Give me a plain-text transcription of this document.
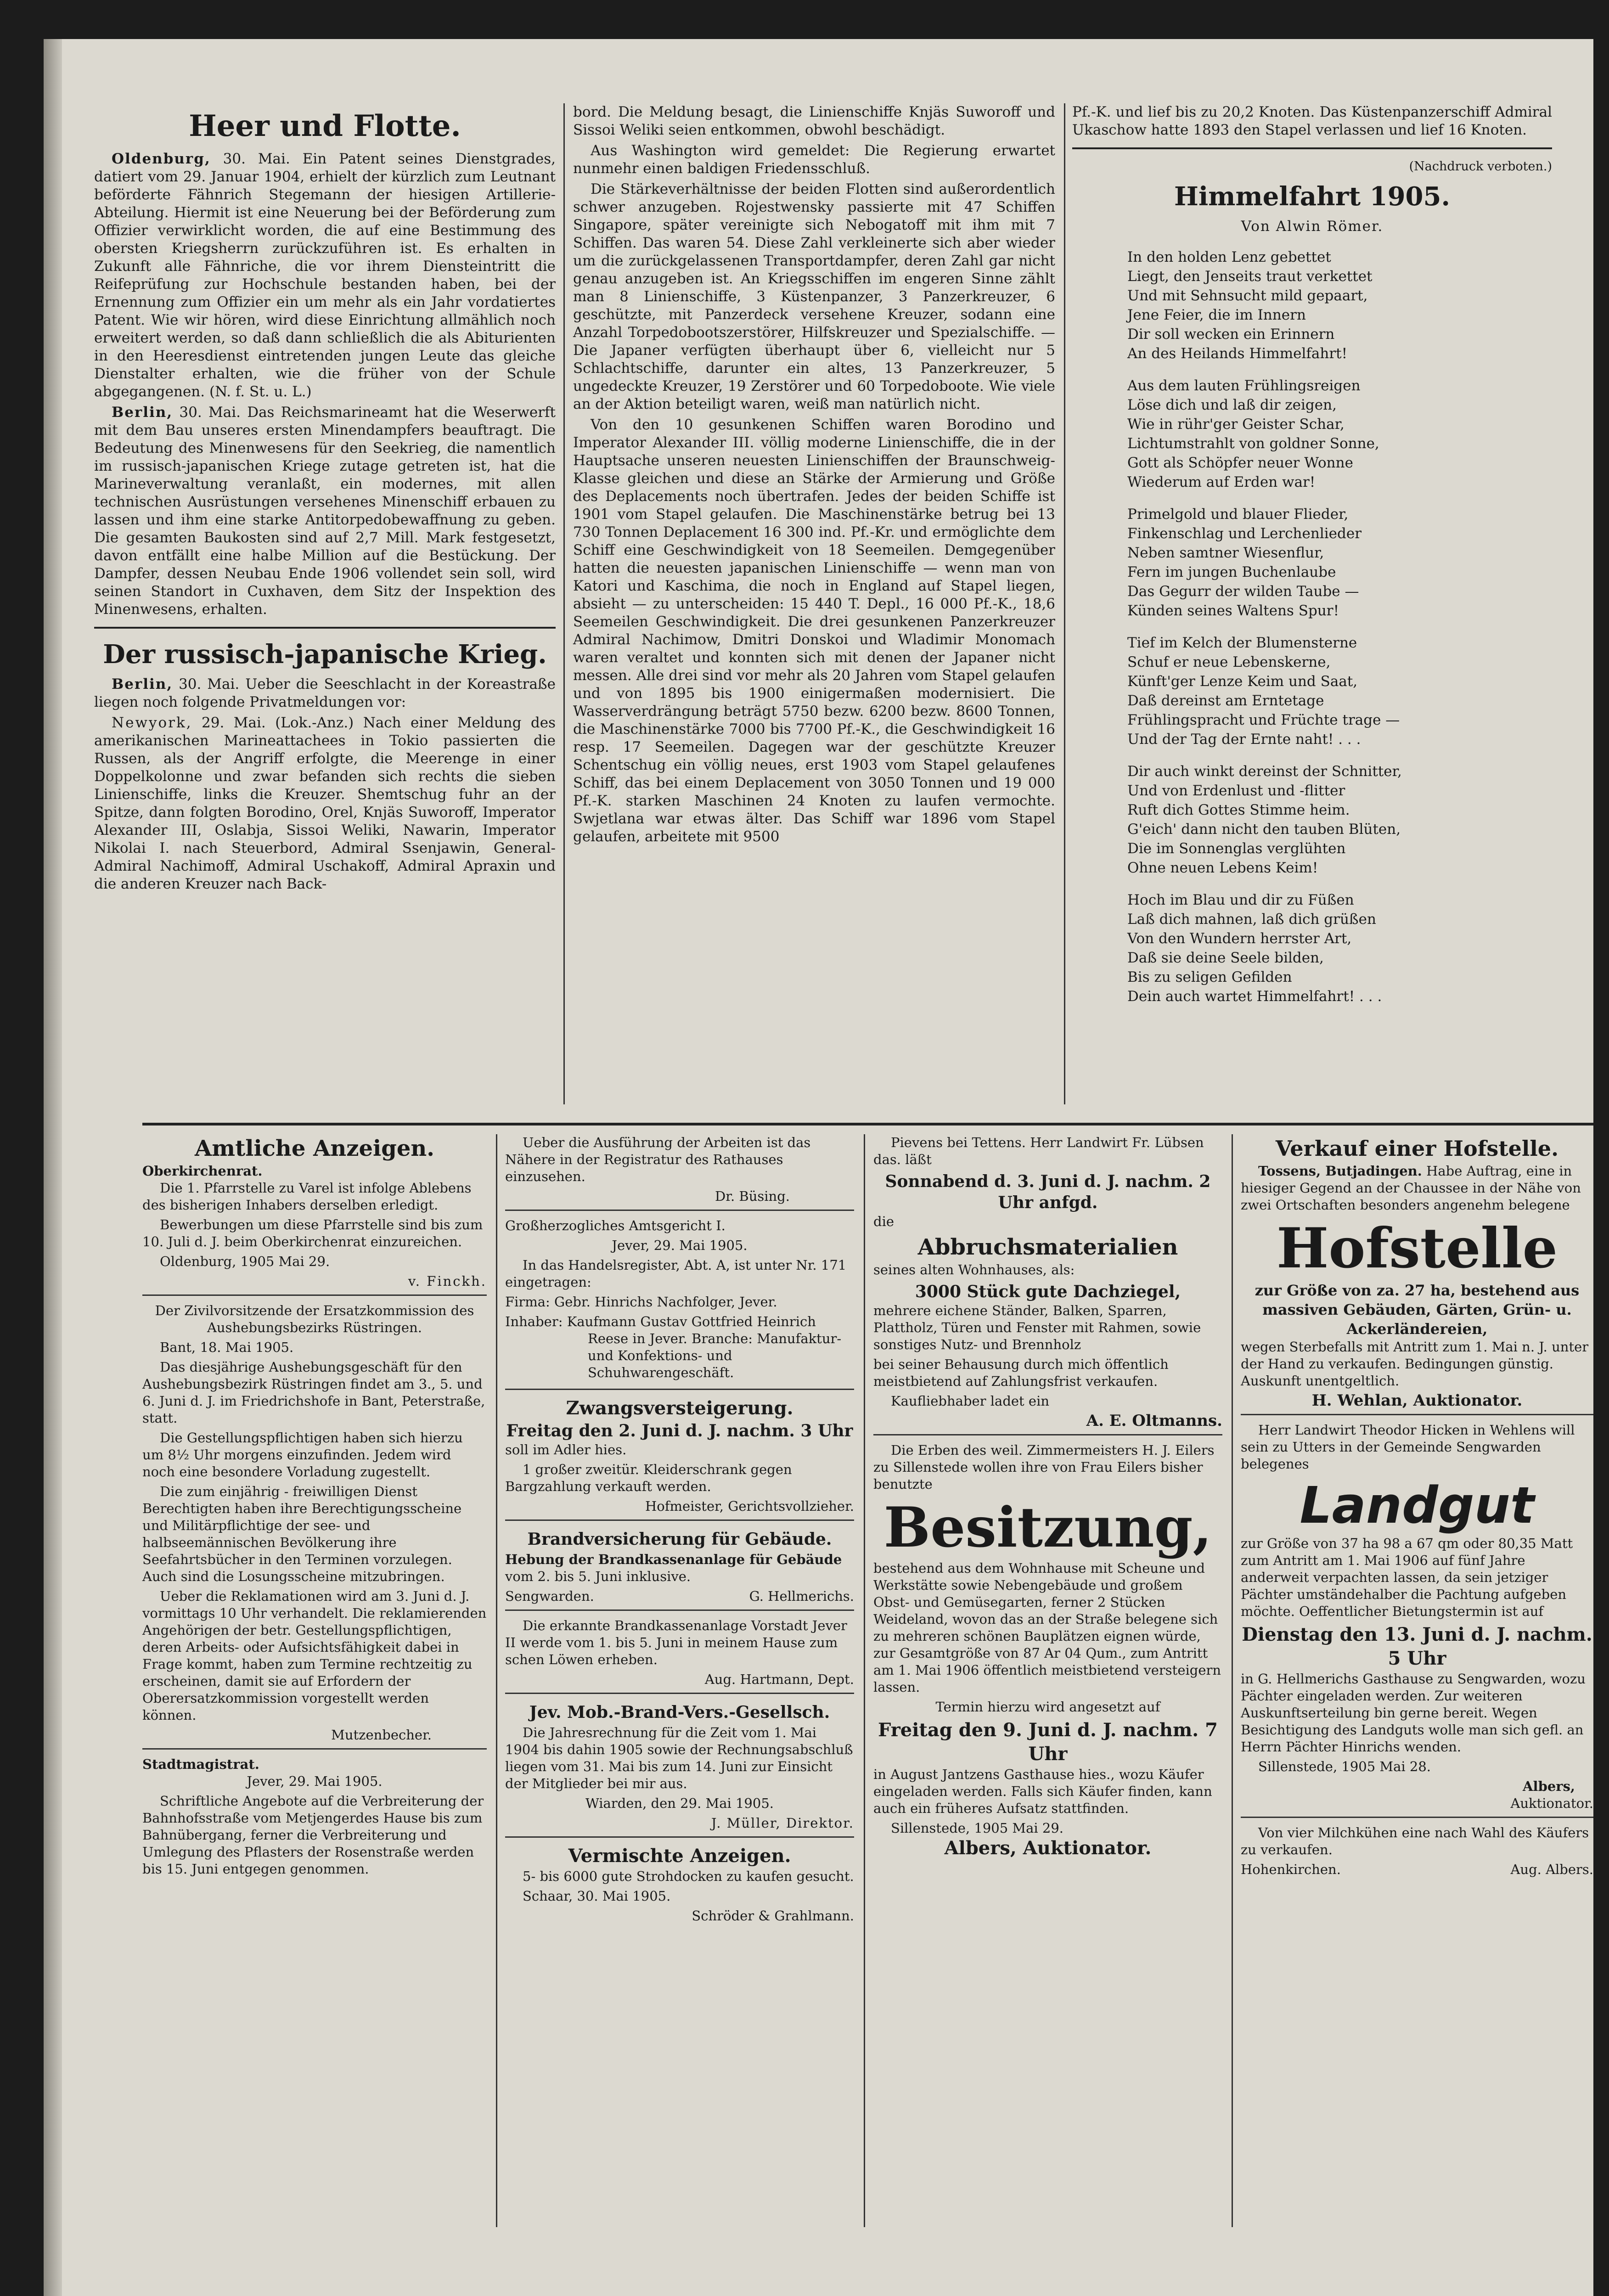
Heer und Flotte.

Oldenburg, 30. Mai. Ein Patent seines Dienstgrades, datiert vom 29. Januar 1904, erhielt der kürzlich zum Leutnant beförderte Fähnrich Stegemann der hiesigen Artillerie-Abteilung. Hiermit ist eine Neuerung bei der Beförderung zum Offizier verwirklicht worden, die auf eine Bestimmung des obersten Kriegsherrn zurückzuführen ist. Es erhalten in Zukunft alle Fähnriche, die vor ihrem Diensteintritt die Reifeprüfung zur Hochschule bestanden haben, bei der Ernennung zum Offizier ein um mehr als ein Jahr vordatiertes Patent. Wie wir hören, wird diese Einrichtung allmählich noch erweitert werden, so daß dann schließlich die als Abiturienten in den Heeresdienst eintretenden jungen Leute das gleiche Dienstalter erhalten, wie die früher von der Schule abgegangenen. (N. f. St. u. L.)

Berlin, 30. Mai. Das Reichsmarineamt hat die Weserwerft mit dem Bau unseres ersten Minendampfers beauftragt. Die Bedeutung des Minenwesens für den Seekrieg, die namentlich im russisch-japanischen Kriege zutage getreten ist, hat die Marineverwaltung veranlaßt, ein modernes, mit allen technischen Ausrüstungen versehenes Minenschiff erbauen zu lassen und ihm eine starke Antitorpedobewaffnung zu geben. Die gesamten Baukosten sind auf 2,7 Mill. Mark festgesetzt, davon entfällt eine halbe Million auf die Bestückung. Der Dampfer, dessen Neubau Ende 1906 vollendet sein soll, wird seinen Standort in Cuxhaven, dem Sitz der Inspektion des Minenwesens, erhalten.

Der russisch-japanische Krieg.

Berlin, 30. Mai. Ueber die Seeschlacht in der Koreastraße liegen noch folgende Privatmeldungen vor:

Newyork, 29. Mai. (Lok.-Anz.) Nach einer Meldung des amerikanischen Marineattachees in Tokio passierten die Russen, als der Angriff erfolgte, die Meerenge in einer Doppelkolonne und zwar befanden sich rechts die sieben Linienschiffe, links die Kreuzer. Shemtschug fuhr an der Spitze, dann folgten Borodino, Orel, Knjäs Suworoff, Imperator Alexander III, Oslabja, Sissoi Weliki, Nawarin, Imperator Nikolai I. nach Steuerbord, Admiral Ssenjawin, General-Admiral Nachimoff, Admiral Uschakoff, Admiral Apraxin und die anderen Kreuzer nach Back-

bord. Die Meldung besagt, die Linienschiffe Knjäs Suworoff und Sissoi Weliki seien entkommen, obwohl beschädigt.

Aus Washington wird gemeldet: Die Regierung erwartet nunmehr einen baldigen Friedensschluß.

Die Stärkeverhältnisse der beiden Flotten sind außerordentlich schwer anzugeben. Rojestwensky passierte mit 47 Schiffen Singapore, später vereinigte sich Nebogatoff mit ihm mit 7 Schiffen. Das waren 54. Diese Zahl verkleinerte sich aber wieder um die zurückgelassenen Transportdampfer, deren Zahl gar nicht genau anzugeben ist. An Kriegsschiffen im engeren Sinne zählt man 8 Linienschiffe, 3 Küstenpanzer, 3 Panzerkreuzer, 6 geschützte, mit Panzerdeck versehene Kreuzer, sodann eine Anzahl Torpedobootszerstörer, Hilfskreuzer und Spezialschiffe. — Die Japaner verfügten überhaupt über 6, vielleicht nur 5 Schlachtschiffe, darunter ein altes, 13 Panzerkreuzer, 5 ungedeckte Kreuzer, 19 Zerstörer und 60 Torpedoboote. Wie viele an der Aktion beteiligt waren, weiß man natürlich nicht.

Von den 10 gesunkenen Schiffen waren Borodino und Imperator Alexander III. völlig moderne Linienschiffe, die in der Hauptsache unseren neuesten Linienschiffen der Braunschweig-Klasse gleichen und diese an Stärke der Armierung und Größe des Deplacements noch übertrafen. Jedes der beiden Schiffe ist 1901 vom Stapel gelaufen. Die Maschinenstärke betrug bei 13 730 Tonnen Deplacement 16 300 ind. Pf.-Kr. und ermöglichte dem Schiff eine Geschwindigkeit von 18 Seemeilen. Demgegenüber hatten die neuesten japanischen Linienschiffe — wenn man von Katori und Kaschima, die noch in England auf Stapel liegen, absieht — zu unterscheiden: 15 440 T. Depl., 16 000 Pf.-K., 18,6 Seemeilen Geschwindigkeit. Die drei gesunkenen Panzerkreuzer Admiral Nachimow, Dmitri Donskoi und Wladimir Monomach waren veraltet und konnten sich mit denen der Japaner nicht messen. Alle drei sind vor mehr als 20 Jahren vom Stapel gelaufen und von 1895 bis 1900 einigermaßen modernisiert. Die Wasserverdrängung beträgt 5750 bezw. 6200 bezw. 8600 Tonnen, die Maschinenstärke 7000 bis 7700 Pf.-K., die Geschwindigkeit 16 resp. 17 Seemeilen. Dagegen war der geschützte Kreuzer Schentschug ein völlig neues, erst 1903 vom Stapel gelaufenes Schiff, das bei einem Deplacement von 3050 Tonnen und 19 000 Pf.-K. starken Maschinen 24 Knoten zu laufen vermochte. Swjetlana war etwas älter. Das Schiff war 1896 vom Stapel gelaufen, arbeitete mit 9500

Pf.-K. und lief bis zu 20,2 Knoten. Das Küstenpanzerschiff Admiral Ukaschow hatte 1893 den Stapel verlassen und lief 16 Knoten.

(Nachdruck verboten.)
Himmelfahrt 1905.
Von Alwin Römer.

In den holden Lenz gebettet

Liegt, den Jenseits traut verkettet

Und mit Sehnsucht mild gepaart,

Jene Feier, die im Innern

Dir soll wecken ein Erinnern

An des Heilands Himmelfahrt!

Aus dem lauten Frühlingsreigen

Löse dich und laß dir zeigen,

Wie in rühr'ger Geister Schar,

Lichtumstrahlt von goldner Sonne,

Gott als Schöpfer neuer Wonne

Wiederum auf Erden war!

Primelgold und blauer Flieder,

Finkenschlag und Lerchenlieder

Neben samtner Wiesenflur,

Fern im jungen Buchenlaube

Das Gegurr der wilden Taube —

Künden seines Waltens Spur!

Tief im Kelch der Blumensterne

Schuf er neue Lebenskerne,

Künft'ger Lenze Keim und Saat,

Daß dereinst am Erntetage

Frühlingspracht und Früchte trage —

Und der Tag der Ernte naht! . . .

Dir auch winkt dereinst der Schnitter,

Und von Erdenlust und -flitter

Ruft dich Gottes Stimme heim.

G'eich' dann nicht den tauben Blüten,

Die im Sonnenglas verglühten

Ohne neuen Lebens Keim!

Hoch im Blau und dir zu Füßen

Laß dich mahnen, laß dich grüßen

Von den Wundern herrster Art,

Daß sie deine Seele bilden,

Bis zu seligen Gefilden

Dein auch wartet Himmelfahrt! . . .

Amtliche Anzeigen.
Oberkirchenrat.

Die 1. Pfarrstelle zu Varel ist infolge Ablebens des bisherigen Inhabers derselben erledigt.

Bewerbungen um diese Pfarrstelle sind bis zum 10. Juli d. J. beim Oberkirchenrat einzureichen.

Oldenburg, 1905 Mai 29.

v. Finckh.

Der Zivilvorsitzende der Ersatzkommission des Aushebungsbezirks Rüstringen.

Bant, 18. Mai 1905.

Das diesjährige Aushebungsgeschäft für den Aushebungsbezirk Rüstringen findet am 3., 5. und 6. Juni d. J. im Friedrichshofe in Bant, Peterstraße, statt.

Die Gestellungspflichtigen haben sich hierzu um 8½ Uhr morgens einzufinden. Jedem wird noch eine besondere Vorladung zugestellt.

Die zum einjährig - freiwilligen Dienst Berechtigten haben ihre Berechtigungsscheine und Militärpflichtige der see- und halbseemännischen Bevölkerung ihre Seefahrtsbücher in den Terminen vorzulegen. Auch sind die Losungsscheine mitzubringen.

Ueber die Reklamationen wird am 3. Juni d. J. vormittags 10 Uhr verhandelt. Die reklamierenden Angehörigen der betr. Gestellungspflichtigen, deren Arbeits- oder Aufsichtsfähigkeit dabei in Frage kommt, haben zum Termine rechtzeitig zu erscheinen, damit sie auf Erfordern der Oberersatzkommission vorgestellt werden können.

Mutzenbecher.
Stadtmagistrat.

Jever, 29. Mai 1905.

Schriftliche Angebote auf die Verbreiterung der Bahnhofsstraße vom Metjengerdes Hause bis zum Bahnübergang, ferner die Verbreiterung und Umlegung des Pflasters der Rosenstraße werden bis 15. Juni entgegen genommen.

Ueber die Ausführung der Arbeiten ist das Nähere in der Registratur des Rathauses einzusehen.

Dr. Büsing.

Großherzogliches Amtsgericht I.

Jever, 29. Mai 1905.

In das Handelsregister, Abt. A, ist unter Nr. 171 eingetragen:

Firma: Gebr. Hinrichs Nachfolger, Jever.

Inhaber: Kaufmann Gustav Gottfried Heinrich Reese in Jever. Branche: Manufaktur- und Konfektions- und Schuhwarengeschäft.

Zwangsversteigerung.
Freitag den 2. Juni d. J. nachm. 3 Uhr

soll im Adler hies.

1 großer zweitür. Kleiderschrank gegen Bargzahlung verkauft werden.

Hofmeister, Gerichtsvollzieher.
Brandversicherung für Gebäude.

Hebung der Brandkassenanlage für Gebäude vom 2. bis 5. Juni inklusive.

Sengwarden.	G. Hellmerichs.

Die erkannte Brandkassenanlage Vorstadt Jever II werde vom 1. bis 5. Juni in meinem Hause zum schen Löwen erheben.

Aug. Hartmann, Dept.
Jev. Mob.-Brand-Vers.-Gesellsch.

Die Jahresrechnung für die Zeit vom 1. Mai 1904 bis dahin 1905 sowie der Rechnungsabschluß liegen vom 31. Mai bis zum 14. Juni zur Einsicht der Mitglieder bei mir aus.

Wiarden, den 29. Mai 1905.

J. Müller, Direktor.
Vermischte Anzeigen.

5- bis 6000 gute Strohdocken zu kaufen gesucht.

Schaar, 30. Mai 1905.

Schröder & Grahlmann.

Pievens bei Tettens. Herr Landwirt Fr. Lübsen das. läßt

Sonnabend d. 3. Juni d. J. nachm. 2 Uhr anfgd.

die

Abbruchsmaterialien

seines alten Wohnhauses, als:

3000 Stück gute Dachziegel,

mehrere eichene Ständer, Balken, Sparren, Plattholz, Türen und Fenster mit Rahmen, sowie sonstiges Nutz- und Brennholz

bei seiner Behausung durch mich öffentlich meistbietend auf Zahlungsfrist verkaufen.

Kaufliebhaber ladet ein

A. E. Oltmanns.

Die Erben des weil. Zimmermeisters H. J. Eilers zu Sillenstede wollen ihre von Frau Eilers bisher benutzte

Besitzung,

bestehend aus dem Wohnhause mit Scheune und Werkstätte sowie Nebengebäude und großem Obst- und Gemüsegarten, ferner 2 Stücken Weideland, wovon das an der Straße belegene sich zu mehreren schönen Bauplätzen eignen würde, zur Gesamtgröße von 87 Ar 04 Qum., zum Antritt am 1. Mai 1906 öffentlich meistbietend versteigern lassen.

Termin hierzu wird angesetzt auf

Freitag den 9. Juni d. J. nachm. 7 Uhr

in August Jantzens Gasthause hies., wozu Käufer eingeladen werden. Falls sich Käufer finden, kann auch ein früheres Aufsatz stattfinden.

Sillenstede, 1905 Mai 29.

Albers, Auktionator.
Verkauf einer Hofstelle.

Tossens, Butjadingen. Habe Auftrag, eine in hiesiger Gegend an der Chaussee in der Nähe von zwei Ortschaften besonders angenehm belegene

Hofstelle
zur Größe von za. 27 ha, bestehend aus massiven Gebäuden, Gärten, Grün- u. Ackerländereien,

wegen Sterbefalls mit Antritt zum 1. Mai n. J. unter der Hand zu verkaufen. Bedingungen günstig. Auskunft unentgeltlich.

H. Wehlan, Auktionator.

Herr Landwirt Theodor Hicken in Wehlens will sein zu Utters in der Gemeinde Sengwarden belegenes

Landgut

zur Größe von 37 ha 98 a 67 qm oder 80,35 Matt zum Antritt am 1. Mai 1906 auf fünf Jahre anderweit verpachten lassen, da sein jetziger Pächter umständehalber die Pachtung aufgeben möchte. Oeffentlicher Bietungstermin ist auf

Dienstag den 13. Juni d. J. nachm. 5 Uhr

in G. Hellmerichs Gasthause zu Sengwarden, wozu Pächter eingeladen werden. Zur weiteren Auskunftserteilung bin gerne bereit. Wegen Besichtigung des Landguts wolle man sich gefl. an Herrn Pächter Hinrichs wenden.

Sillenstede, 1905 Mai 28.

Albers,
Auktionator.

Von vier Milchkühen eine nach Wahl des Käufers zu verkaufen.

Hohenkirchen.	Aug. Albers.
